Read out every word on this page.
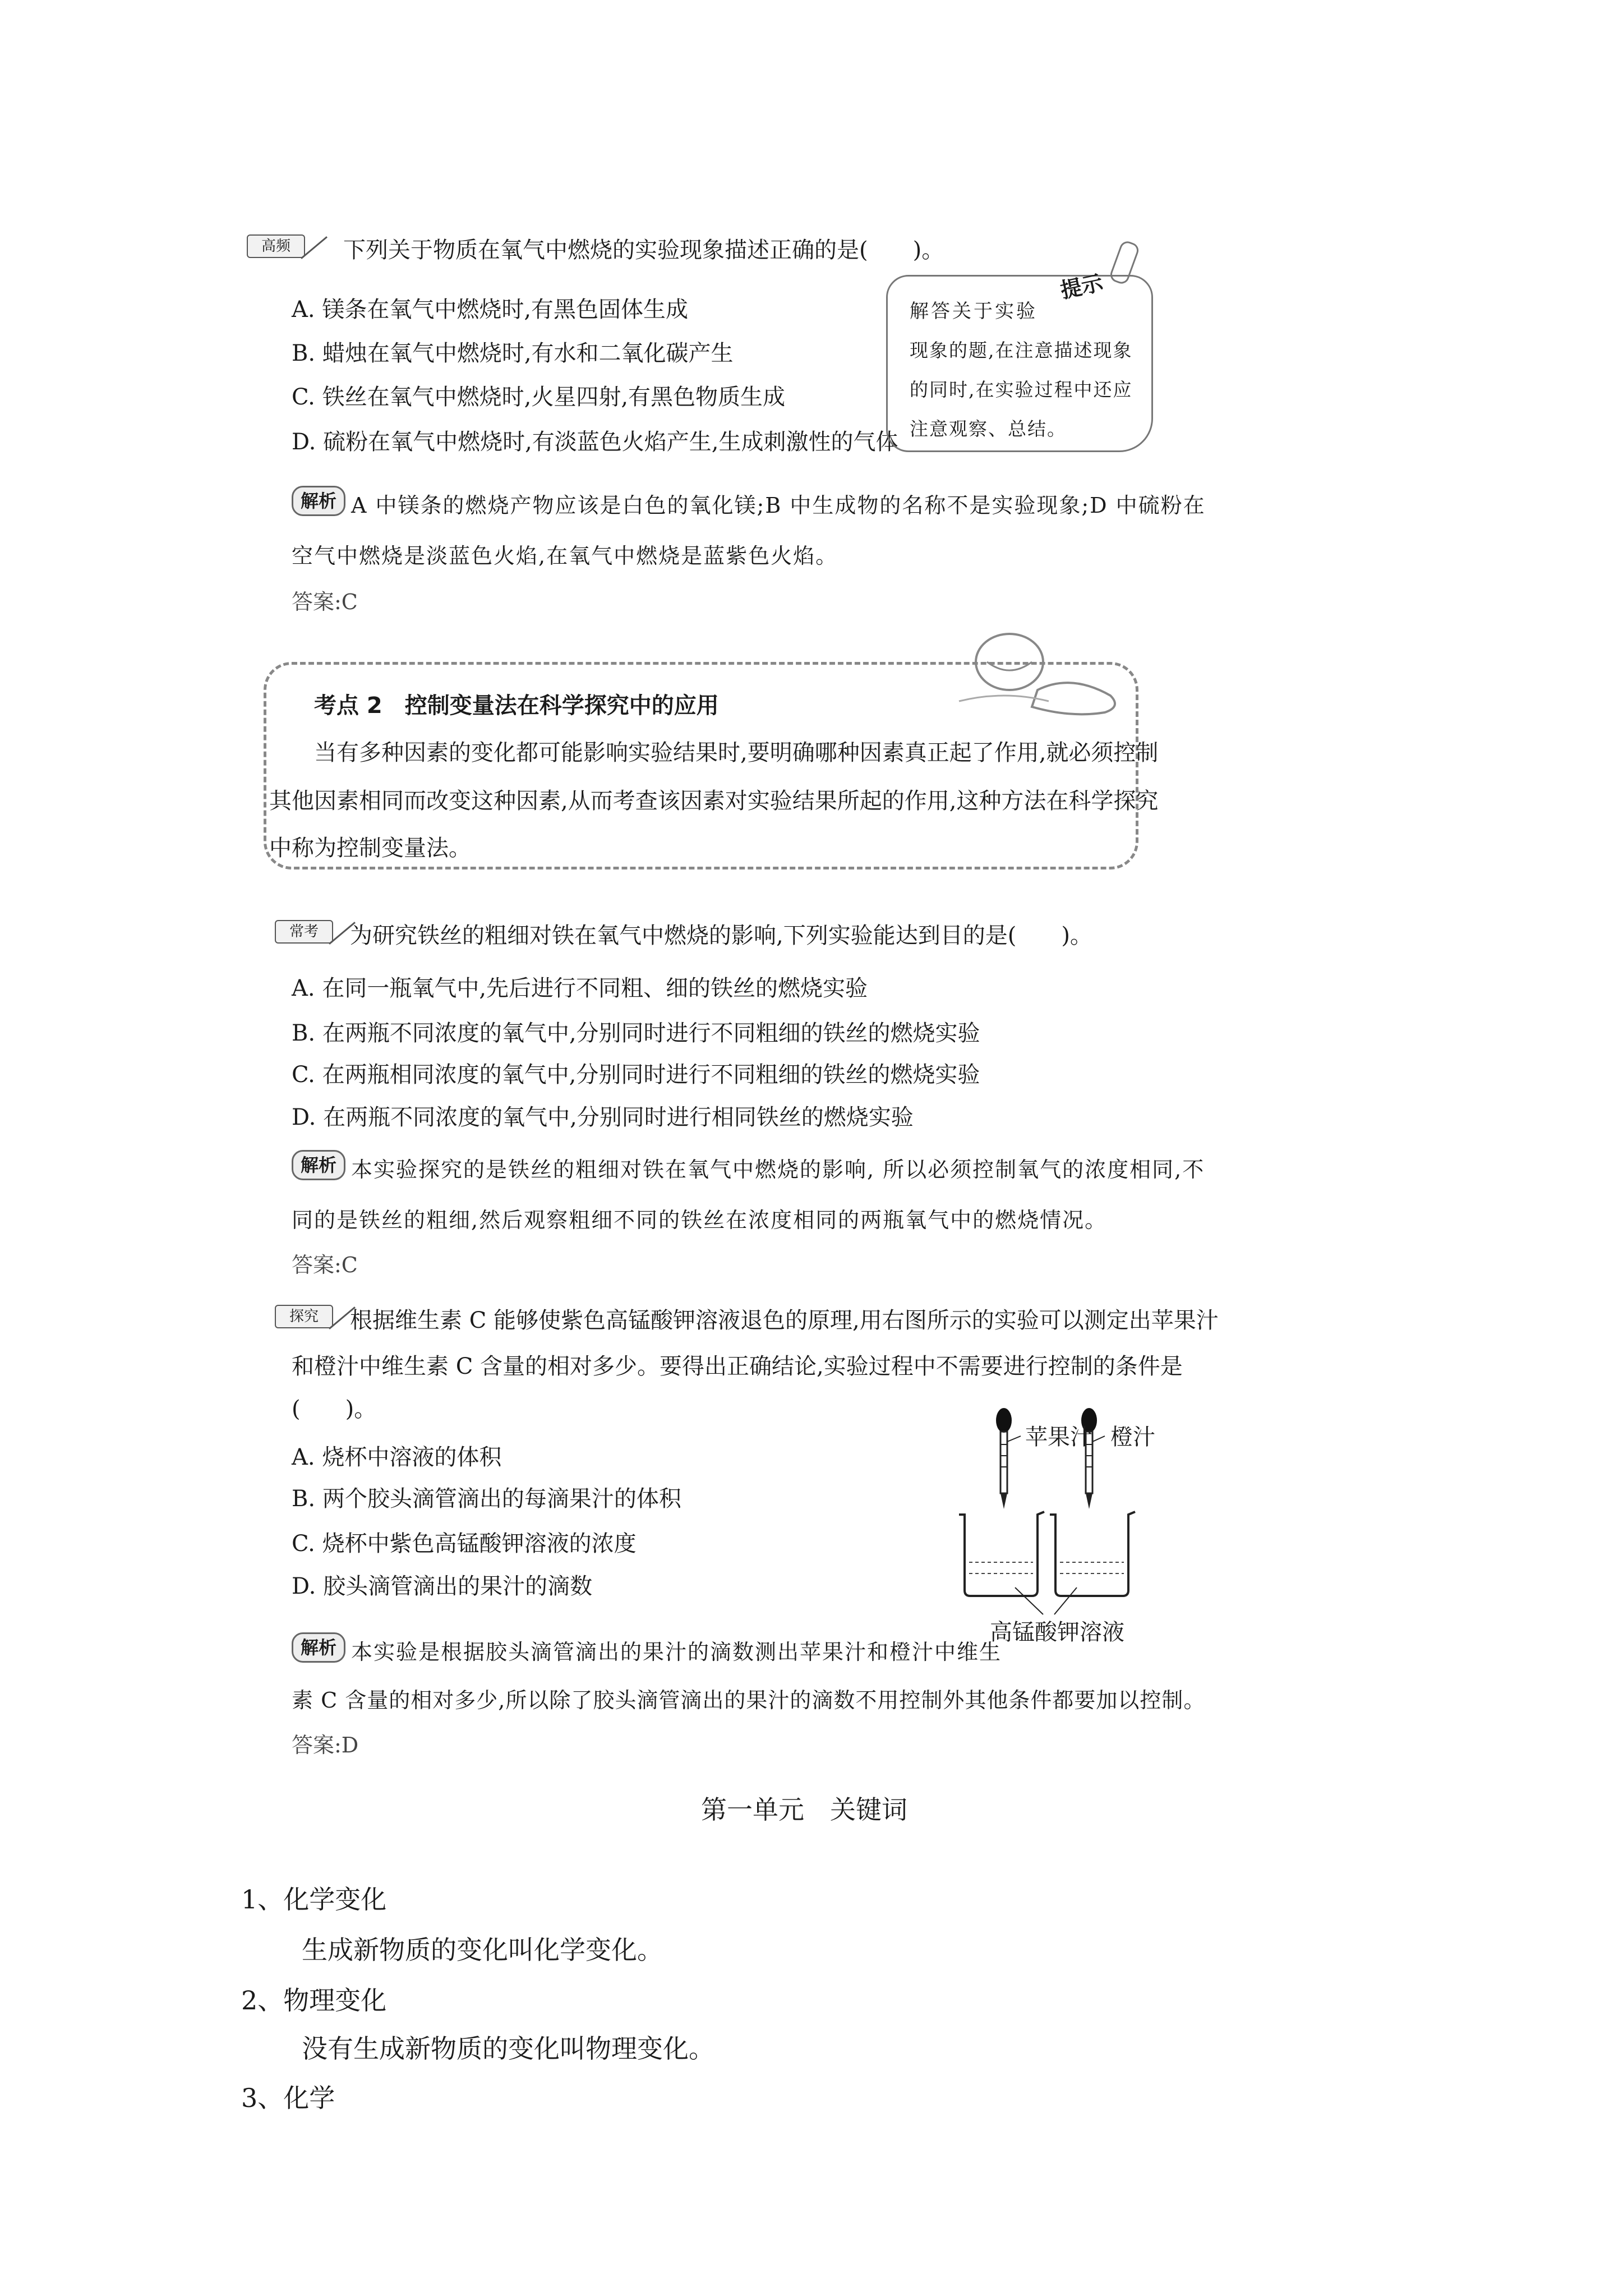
高频	下列关于物质在氧气中燃烧的实验现象描述正确的是(　　)。
A. 镁条在氧气中燃烧时,有黑色固体生成
B. 蜡烛在氧气中燃烧时,有水和二氧化碳产生
C. 铁丝在氧气中燃烧时,火星四射,有黑色物质生成
D. 硫粉在氧气中燃烧时,有淡蓝色火焰产生,生成刺激性的气体
提示
解答关于实验
现象的题,在注意描述现象
的同时,在实验过程中还应
注意观察、总结。
解析 A 中镁条的燃烧产物应该是白色的氧化镁;B 中生成物的名称不是实验现象;D 中硫粉在
空气中燃烧是淡蓝色火焰,在氧气中燃烧是蓝紫色火焰。
答案:C
考点 2　控制变量法在科学探究中的应用
当有多种因素的变化都可能影响实验结果时,要明确哪种因素真正起了作用,就必须控制
其他因素相同而改变这种因素,从而考查该因素对实验结果所起的作用,这种方法在科学探究
中称为控制变量法。
常考	为研究铁丝的粗细对铁在氧气中燃烧的影响,下列实验能达到目的是(　　)。
A. 在同一瓶氧气中,先后进行不同粗、细的铁丝的燃烧实验
B. 在两瓶不同浓度的氧气中,分别同时进行不同粗细的铁丝的燃烧实验
C. 在两瓶相同浓度的氧气中,分别同时进行不同粗细的铁丝的燃烧实验
D. 在两瓶不同浓度的氧气中,分别同时进行相同铁丝的燃烧实验
解析 本实验探究的是铁丝的粗细对铁在氧气中燃烧的影响, 所以必须控制氧气的浓度相同,不
同的是铁丝的粗细,然后观察粗细不同的铁丝在浓度相同的两瓶氧气中的燃烧情况。
答案:C
探究	根据维生素 C 能够使紫色高锰酸钾溶液退色的原理,用右图所示的实验可以测定出苹果汁
和橙汁中维生素 C 含量的相对多少。要得出正确结论,实验过程中不需要进行控制的条件是
(　　)。
A. 烧杯中溶液的体积
B. 两个胶头滴管滴出的每滴果汁的体积
C. 烧杯中紫色高锰酸钾溶液的浓度
D. 胶头滴管滴出的果汁的滴数
苹果汁 橙汁
高锰酸钾溶液
解析 本实验是根据胶头滴管滴出的果汁的滴数测出苹果汁和橙汁中维生
素 C 含量的相对多少,所以除了胶头滴管滴出的果汁的滴数不用控制外其他条件都要加以控制。
答案:D
第一单元　关键词
1、化学变化
生成新物质的变化叫化学变化。
2、物理变化
没有生成新物质的变化叫物理变化。
3、化学
